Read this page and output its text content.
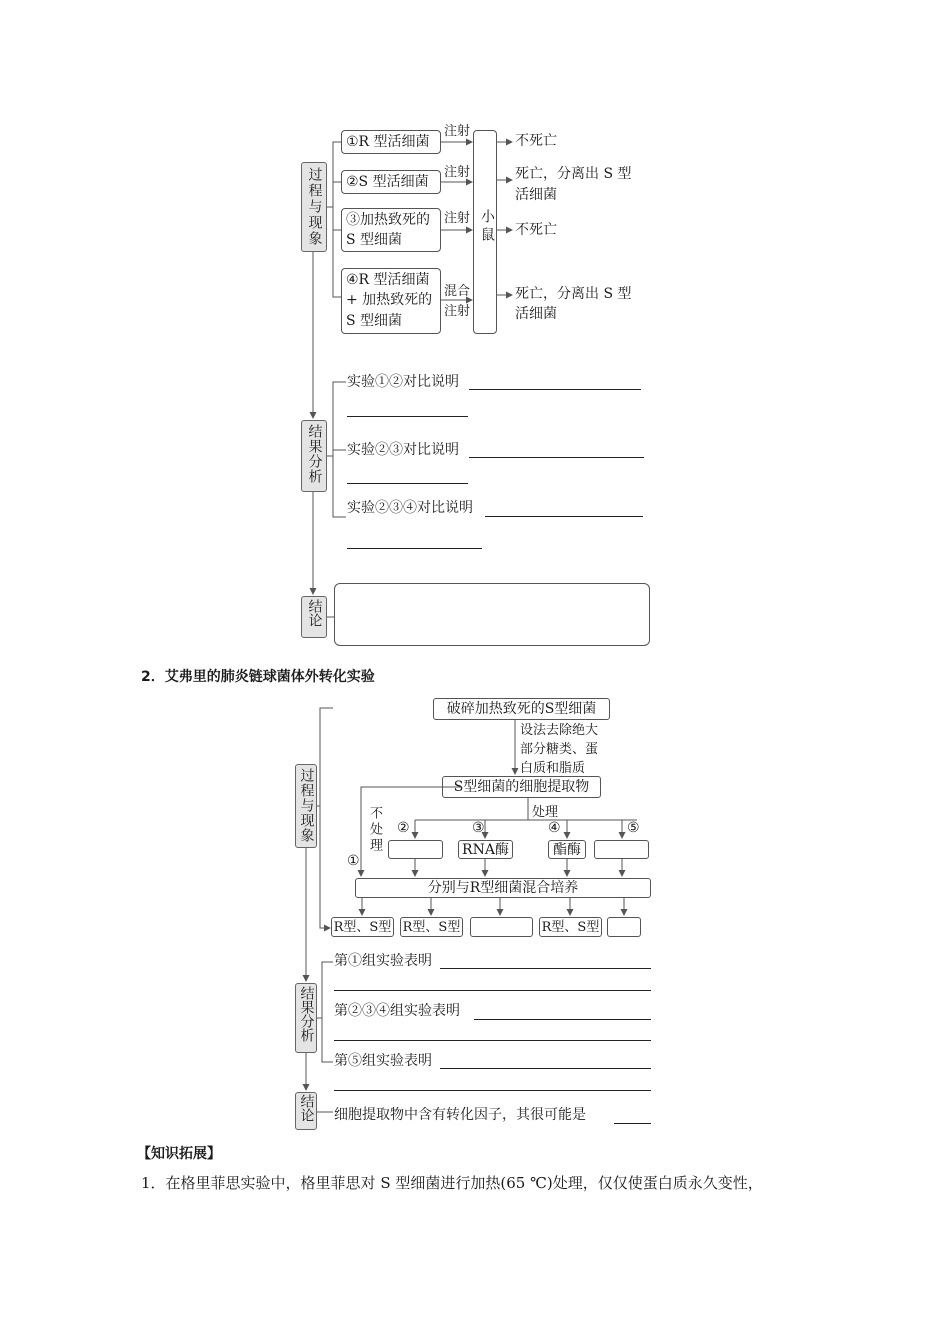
过程与现象
结果分析
结论
①R 型活细菌
②S 型活细菌
③加热致死的
S 型细菌
④R 型活细菌
+ 加热致死的
S 型细菌
注射
注射
注射
混合
注射
小鼠
不死亡
死亡，分离出 S 型
活细菌
不死亡
死亡，分离出 S 型
活细菌
实验①②对比说明
实验②③对比说明
实验②③④对比说明
2．艾弗里的肺炎链球菌体外转化实验
过程与现象
结果分析
结论
破碎加热致死的S型细菌
设法去除绝大
部分糖类、蛋
白质和脂质
S型细菌的细胞提取物
处理
不处理
①
②	③	④	⑤
RNA酶	酯酶
分别与R型细菌混合培养
R型、S型 R型、S型	R型、S型
第①组实验表明
第②③④组实验表明
第⑤组实验表明
细胞提取物中含有转化因子，其很可能是
【知识拓展】
1．在格里菲思实验中，格里菲思对 S 型细菌进行加热(65 ℃)处理，仅仅使蛋白质永久变性，
